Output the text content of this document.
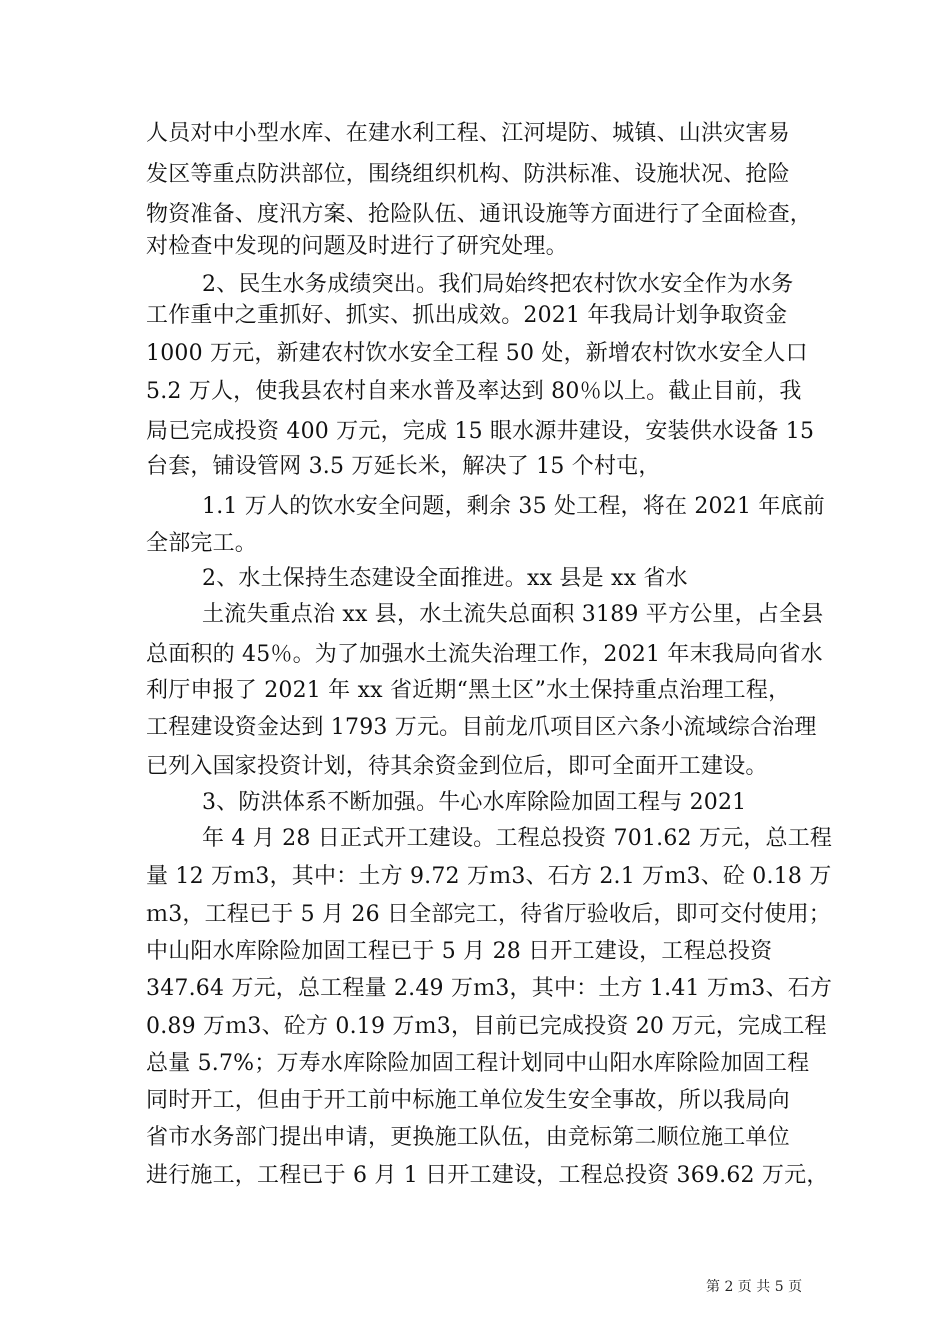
人员对中小型水库、在建水利工程、江河堤防、城镇、山洪灾害易
发区等重点防洪部位，围绕组织机构、防洪标准、设施状况、抢险
物资准备、度汛方案、抢险队伍、通讯设施等方面进行了全面检查，
对检查中发现的问题及时进行了研究处理。
2、民生水务成绩突出。我们局始终把农村饮水安全作为水务
工作重中之重抓好、抓实、抓出成效。2021 年我局计划争取资金
1000 万元，新建农村饮水安全工程 50 处，新增农村饮水安全人口
5.2 万人，使我县农村自来水普及率达到 80％以上。截止目前，我
局已完成投资 400 万元，完成 15 眼水源井建设，安装供水设备 15
台套，铺设管网 3.5 万延长米，解决了 15 个村屯，
1.1 万人的饮水安全问题，剩余 35 处工程，将在 2021 年底前
全部完工。
2、水土保持生态建设全面推进。xx 县是 xx 省水
土流失重点治 xx 县，水土流失总面积 3189 平方公里，占全县
总面积的 45％。为了加强水土流失治理工作，2021 年末我局向省水
利厅申报了 2021 年 xx 省近期“黑土区”水土保持重点治理工程，
工程建设资金达到 1793 万元。目前龙爪项目区六条小流域综合治理
已列入国家投资计划，待其余资金到位后，即可全面开工建设。
3、防洪体系不断加强。牛心水库除险加固工程与 2021
年 4 月 28 日正式开工建设。工程总投资 701.62 万元，总工程
量 12 万ｍ3，其中：土方 9.72 万ｍ3、石方 2.1 万ｍ3、砼 0.18 万
ｍ3，工程已于 5 月 26 日全部完工，待省厅验收后，即可交付使用；
中山阳水库除险加固工程已于 5 月 28 日开工建设，工程总投资
347.64 万元，总工程量 2.49 万ｍ3，其中：土方 1.41 万ｍ3、石方
0.89 万ｍ3、砼方 0.19 万ｍ3，目前已完成投资 20 万元，完成工程
总量 5.7%；万寿水库除险加固工程计划同中山阳水库除险加固工程
同时开工，但由于开工前中标施工单位发生安全事故，所以我局向
省市水务部门提出申请，更换施工队伍，由竞标第二顺位施工单位
进行施工，工程已于 6 月 1 日开工建设，工程总投资 369.62 万元，
第 2 页 共 5 页
